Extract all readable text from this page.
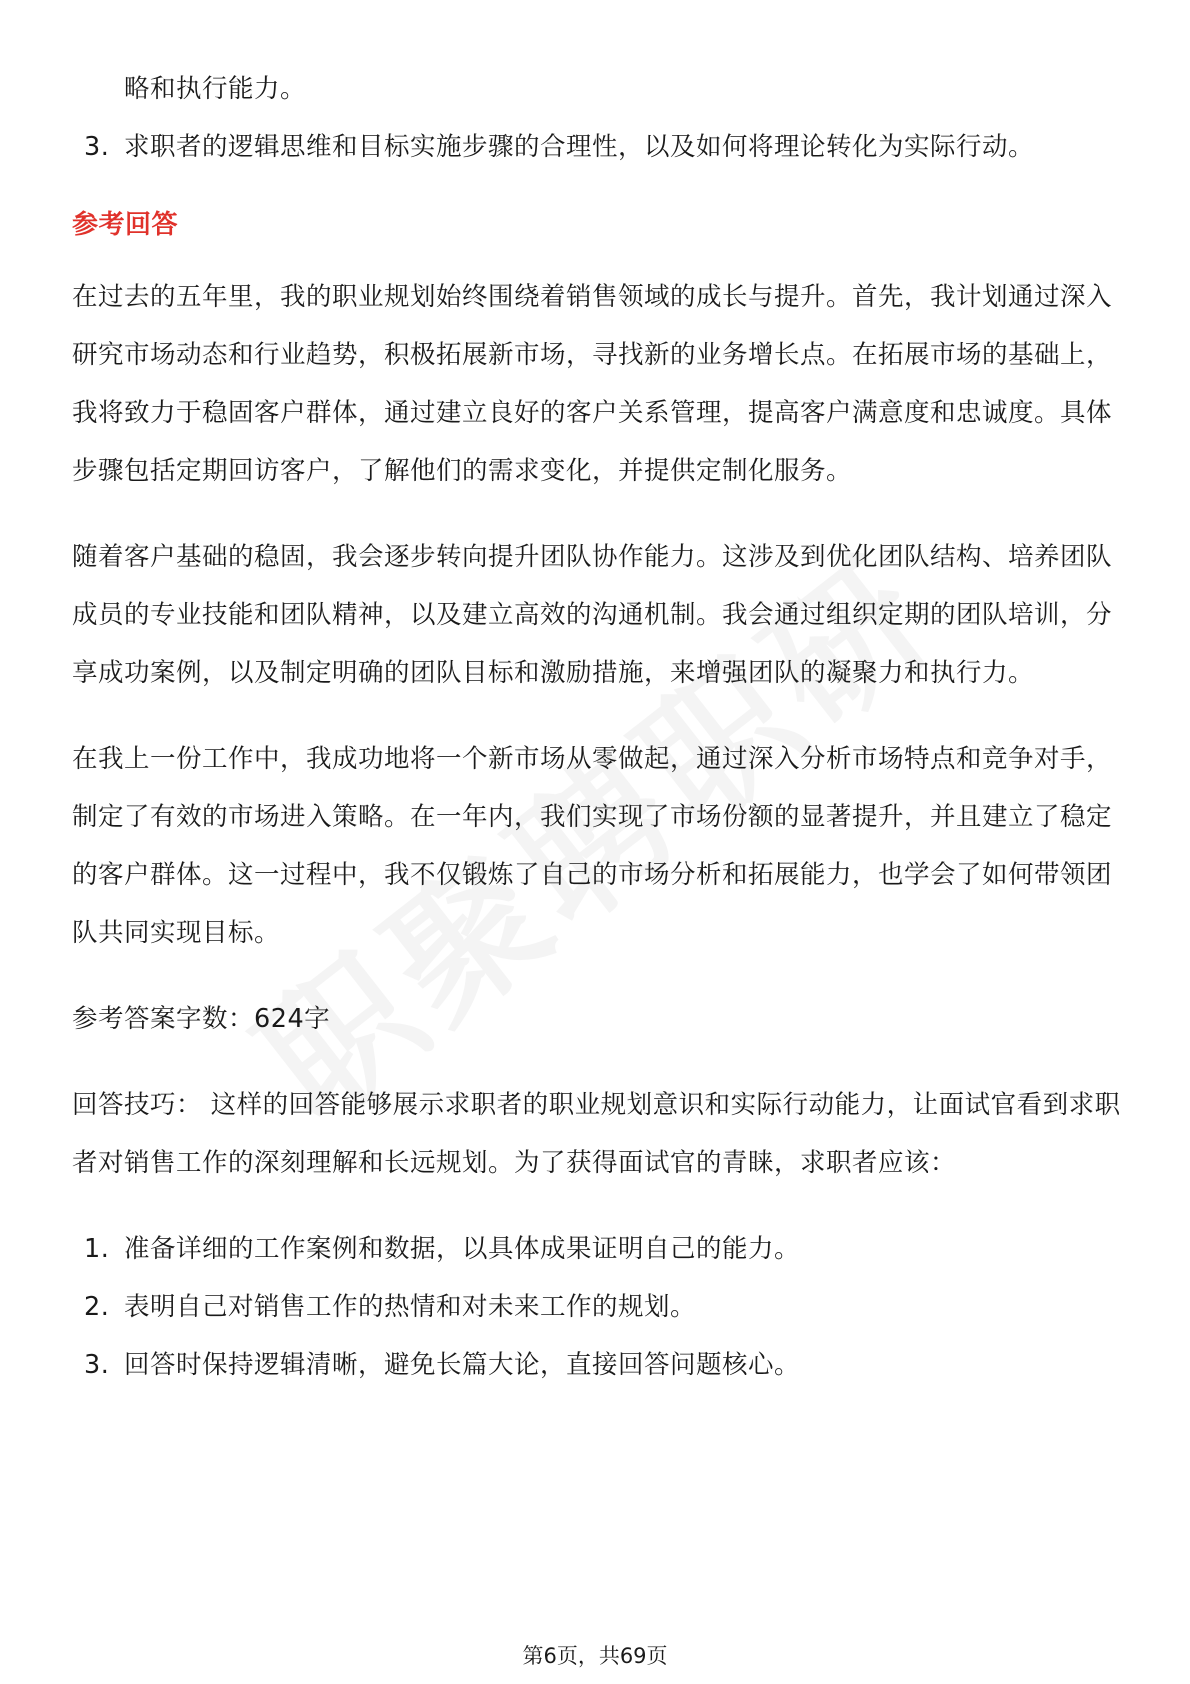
略和执行能力。
3. 求职者的逻辑思维和目标实施步骤的合理性，以及如何将理论转化为实际行动。
参考回答

在过去的五年里，我的职业规划始终围绕着销售领域的成长与提升。首先，我计划通过深入研究市场动态和行业趋势，积极拓展新市场，寻找新的业务增长点。在拓展市场的基础上，我将致力于稳固客户群体，通过建立良好的客户关系管理，提高客户满意度和忠诚度。具体步骤包括定期回访客户，了解他们的需求变化，并提供定制化服务。

随着客户基础的稳固，我会逐步转向提升团队协作能力。这涉及到优化团队结构、培养团队成员的专业技能和团队精神，以及建立高效的沟通机制。我会通过组织定期的团队培训，分享成功案例，以及制定明确的团队目标和激励措施，来增强团队的凝聚力和执行力。

在我上一份工作中，我成功地将一个新市场从零做起，通过深入分析市场特点和竞争对手，制定了有效的市场进入策略。在一年内，我们实现了市场份额的显著提升，并且建立了稳定的客户群体。这一过程中，我不仅锻炼了自己的市场分析和拓展能力，也学会了如何带领团队共同实现目标。

参考答案字数：624字

回答技巧： 这样的回答能够展示求职者的职业规划意识和实际行动能力，让面试官看到求职者对销售工作的深刻理解和长远规划。为了获得面试官的青睐，求职者应该：

1. 准备详细的工作案例和数据，以具体成果证明自己的能力。
2. 表明自己对销售工作的热情和对未来工作的规划。
3. 回答时保持逻辑清晰，避免长篇大论，直接回答问题核心。
第6页，共69页
